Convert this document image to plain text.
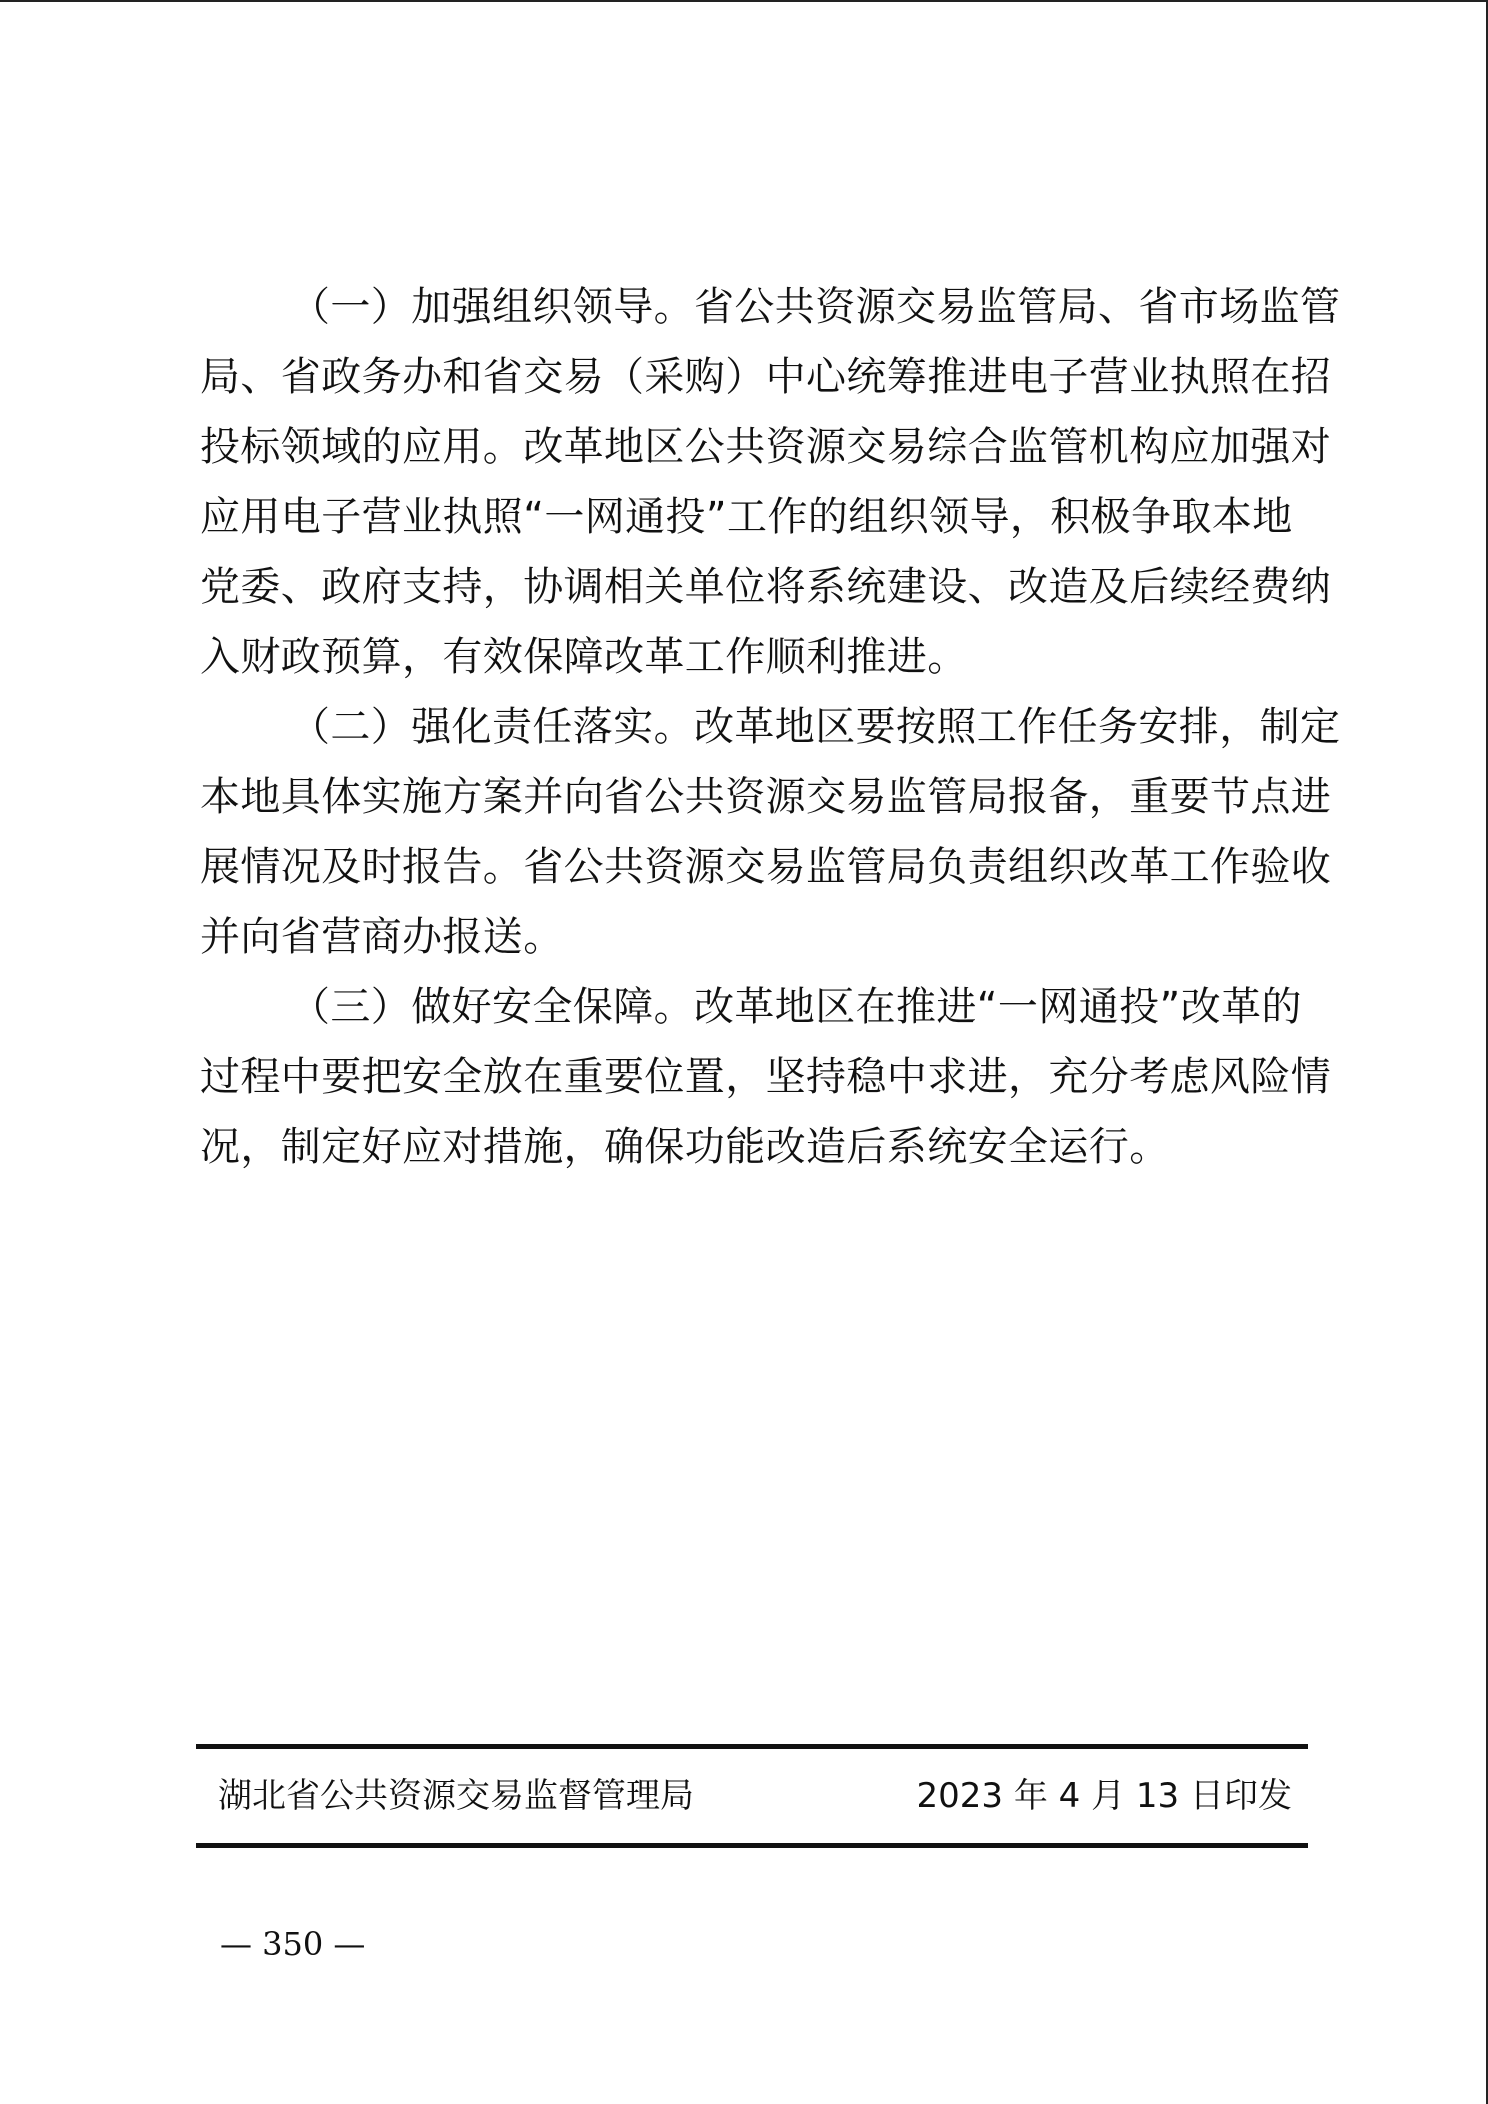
（一）加强组织领导。省公共资源交易监管局、省市场监管
局、省政务办和省交易（采购）中心统筹推进电子营业执照在招
投标领域的应用。改革地区公共资源交易综合监管机构应加强对
应用电子营业执照“一网通投”工作的组织领导，积极争取本地
党委、政府支持，协调相关单位将系统建设、改造及后续经费纳
入财政预算，有效保障改革工作顺利推进。
（二）强化责任落实。改革地区要按照工作任务安排，制定
本地具体实施方案并向省公共资源交易监管局报备，重要节点进
展情况及时报告。省公共资源交易监管局负责组织改革工作验收
并向省营商办报送。
（三）做好安全保障。改革地区在推进“一网通投”改革的
过程中要把安全放在重要位置，坚持稳中求进，充分考虑风险情
况，制定好应对措施，确保功能改造后系统安全运行。
湖北省公共资源交易监督管理局	2023 年 4 月 13 日印发
— 350 —
